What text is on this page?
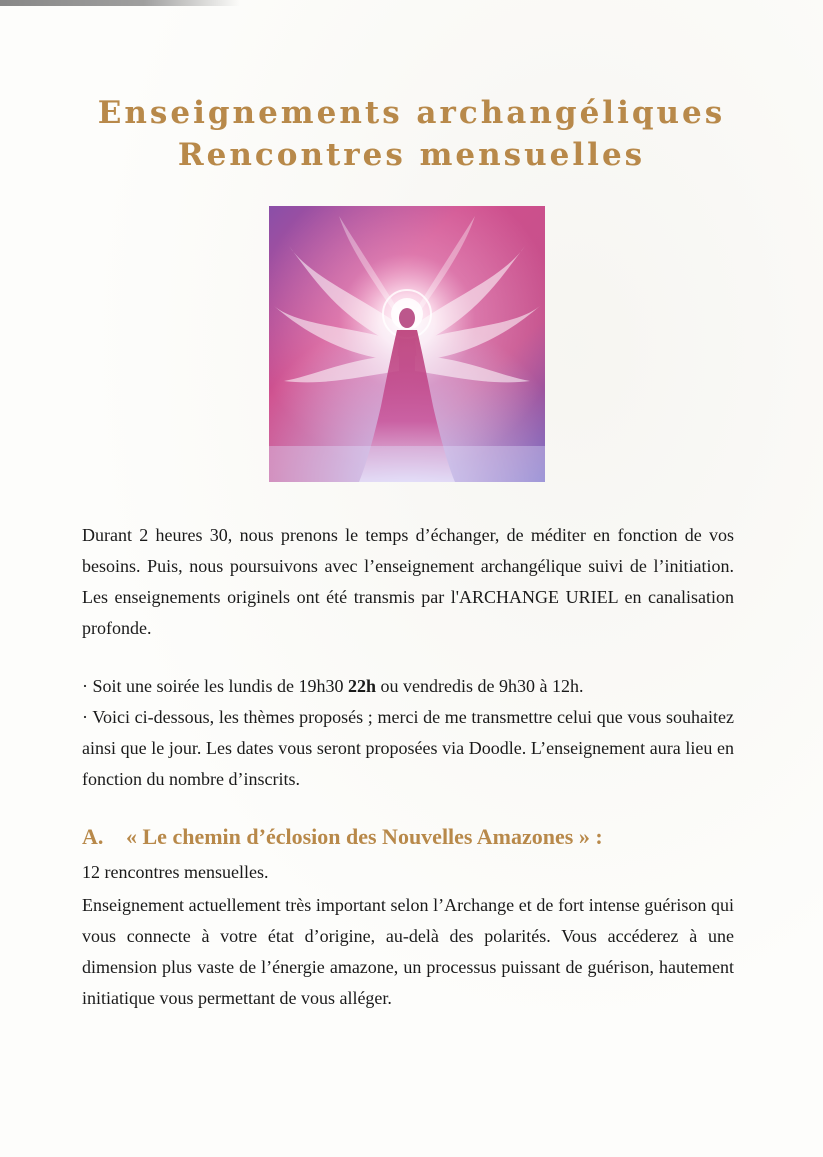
Enseignements archangéliques
Rencontres mensuelles

Durant 2 heures 30, nous prenons le temps d’échanger, de méditer en fonction de vos besoins. Puis, nous poursuivons avec l’enseignement archangélique suivi de l’initiation. Les enseignements originels ont été transmis par l'ARCHANGE URIEL en canalisation profonde.

· Soit une soirée les lundis de 19h30 22h ou vendredis de 9h30 à 12h.
· Voici ci-dessous, les thèmes proposés ; merci de me transmettre celui que vous souhaitez ainsi que le jour. Les dates vous seront proposées via Doodle. L’enseignement aura lieu en fonction du nombre d’inscrits.
A. « Le chemin d’éclosion des Nouvelles Amazones » :
12 rencontres mensuelles.

Enseignement actuellement très important selon l’Archange et de fort intense guérison qui vous connecte à votre état d’origine, au-delà des polarités. Vous accéderez à une dimension plus vaste de l’énergie amazone, un processus puissant de guérison, hautement initiatique vous permettant de vous alléger.
